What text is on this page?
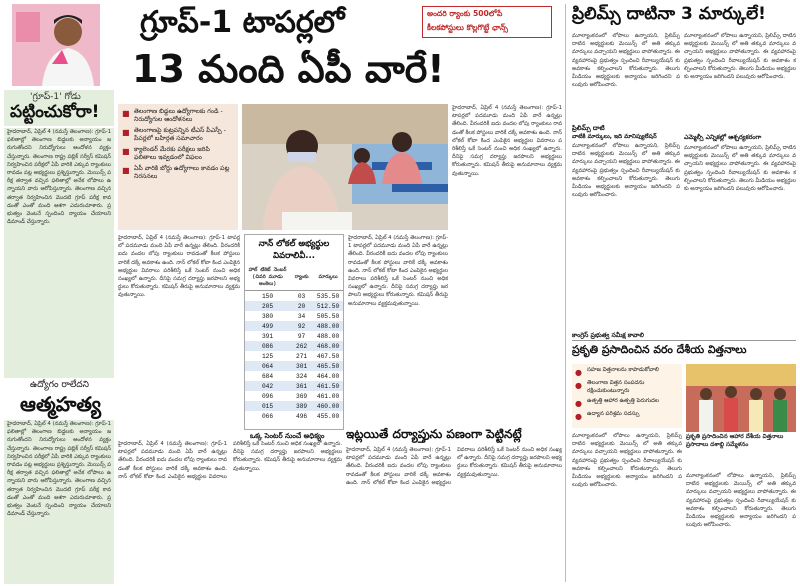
'గ్రూప్-1' గోడు
పట్టించుకోరా!
హైదరాబాద్, ఏప్రిల్ 4 (నమస్తే తెలంగాణ): గ్రూప్-1 ఫలితాల్లో తెలంగాణ బిడ్డలకు అన్యాయం జరుగుతోందని నిరుద్యోగులు ఆందోళన వ్యక్తం చేస్తున్నారు. తెలంగాణ రాష్ట్ర పబ్లిక్ సర్వీస్ కమిషన్ నిర్వహించిన పరీక్షలో ఏపీ వారికి ఎక్కువ ర్యాంకులు రావడం పట్ల అభ్యర్థులు ప్రశ్నిస్తున్నారు. మెయిన్స్ పరీక్ష తర్వాత వచ్చిన ఫలితాల్లో అనేక లోపాలు ఉన్నాయని వారు ఆరోపిస్తున్నారు. తెలంగాణ వచ్చిన తర్వాత నిర్వహించిన మొదటి గ్రూప్ పరీక్ష కావడంతో ఎంతో మంది ఆశగా ఎదురుచూశారు. ప్రభుత్వం వెంటనే స్పందించి న్యాయం చేయాలని డిమాండ్ చేస్తున్నారు.
ఉద్యోగం రాలేదని
ఆత్మహత్య
హైదరాబాద్, ఏప్రిల్ 4 (నమస్తే తెలంగాణ): గ్రూప్-1 ఫలితాల్లో తెలంగాణ బిడ్డలకు అన్యాయం జరుగుతోందని నిరుద్యోగులు ఆందోళన వ్యక్తం చేస్తున్నారు. తెలంగాణ రాష్ట్ర పబ్లిక్ సర్వీస్ కమిషన్ నిర్వహించిన పరీక్షలో ఏపీ వారికి ఎక్కువ ర్యాంకులు రావడం పట్ల అభ్యర్థులు ప్రశ్నిస్తున్నారు. మెయిన్స్ పరీక్ష తర్వాత వచ్చిన ఫలితాల్లో అనేక లోపాలు ఉన్నాయని వారు ఆరోపిస్తున్నారు. తెలంగాణ వచ్చిన తర్వాత నిర్వహించిన మొదటి గ్రూప్ పరీక్ష కావడంతో ఎంతో మంది ఆశగా ఎదురుచూశారు. ప్రభుత్వం వెంటనే స్పందించి న్యాయం చేయాలని డిమాండ్ చేస్తున్నారు.
గ్రూప్-1 టాపర్లలో
13 మంది ఏపీ వారే!
అందరి ర్యాంకు 500లోపే
కీలకపోస్టులు కొల్లగొట్టే ఛాన్స్
■ తెలంగాణ బిడ్డలు ఉద్యోగాలకు గండి - నిరుద్యోగుల ఆందోళనలు
■ తెలంగాణపై కుట్రపన్నిన టీఎస్ పీఎస్సీ - పేపర్లలో బహిర్గత సమాచారం
■ క్యాలెండర్ మేరకు పరీక్షలు జరిపి ఫలితాలు ఇవ్వడంలో విఫలం
■ ఏపీ వారికి బోర్డు ఉద్యోగాలు కావడం పట్ల నిరసనలు
హైదరాబాద్, ఏప్రిల్ 4 (నమస్తే తెలంగాణ): గ్రూప్-1 టాపర్లలో పదమూడు మంది ఏపీ వారే ఉన్నట్లు తేలింది. వీరందరికీ ఐదు వందల లోపు ర్యాంకులు రావడంతో కీలక పోస్టులు వారికే దక్కే అవకాశం ఉంది. నాన్ లోకల్ కోటా కింద ఎంపికైన అభ్యర్థుల వివరాలు పరిశీలిస్తే ఒకే సెంటర్ నుంచి అధిక సంఖ్యలో ఉన్నారు. దీనిపై సమగ్ర దర్యాప్తు జరపాలని అభ్యర్థులు కోరుతున్నారు. కమిషన్ తీరుపై అనుమానాలు వ్యక్తమవుతున్నాయి.
నాన్ లోకల్ అభ్యర్థుల
వివరాలివీ...
హాల్ టికెట్ నెంబర్ (చివరి మూడు అంకెలు)	ర్యాంకు	మార్కులు
150	03	535.50
205	20	512.50
380	34	505.50
499	92	488.00
391	97	488.00
086	262	468.00
125	271	467.50
064	301	465.50
684	324	464.00
042	361	461.50
096	369	461.00
015	389	460.00
066	496	455.00
హైదరాబాద్, ఏప్రిల్ 4 (నమస్తే తెలంగాణ): గ్రూప్-1 టాపర్లలో పదమూడు మంది ఏపీ వారే ఉన్నట్లు తేలింది. వీరందరికీ ఐదు వందల లోపు ర్యాంకులు రావడంతో కీలక పోస్టులు వారికే దక్కే అవకాశం ఉంది. నాన్ లోకల్ కోటా కింద ఎంపికైన అభ్యర్థుల వివరాలు పరిశీలిస్తే ఒకే సెంటర్ నుంచి అధిక సంఖ్యలో ఉన్నారు. దీనిపై సమగ్ర దర్యాప్తు జరపాలని అభ్యర్థులు కోరుతున్నారు. కమిషన్ తీరుపై అనుమానాలు వ్యక్తమవుతున్నాయి.
హైదరాబాద్, ఏప్రిల్ 4 (నమస్తే తెలంగాణ): గ్రూప్-1 టాపర్లలో పదమూడు మంది ఏపీ వారే ఉన్నట్లు తేలింది. వీరందరికీ ఐదు వందల లోపు ర్యాంకులు రావడంతో కీలక పోస్టులు వారికే దక్కే అవకాశం ఉంది. నాన్ లోకల్ కోటా కింద ఎంపికైన అభ్యర్థుల వివరాలు పరిశీలిస్తే ఒకే సెంటర్ నుంచి అధిక సంఖ్యలో ఉన్నారు. దీనిపై సమగ్ర దర్యాప్తు జరపాలని అభ్యర్థులు కోరుతున్నారు. కమిషన్ తీరుపై అనుమానాలు వ్యక్తమవుతున్నాయి.
ఒక్క సెంటర్ నుంచే అధిక్యం ఇట్లయితే దర్యాప్తును పణంగా పెట్టినట్లే
హైదరాబాద్, ఏప్రిల్ 4 (నమస్తే తెలంగాణ): గ్రూప్-1 టాపర్లలో పదమూడు మంది ఏపీ వారే ఉన్నట్లు తేలింది. వీరందరికీ ఐదు వందల లోపు ర్యాంకులు రావడంతో కీలక పోస్టులు వారికే దక్కే అవకాశం ఉంది. నాన్ లోకల్ కోటా కింద ఎంపికైన అభ్యర్థుల వివరాలు పరిశీలిస్తే ఒకే సెంటర్ నుంచి అధిక సంఖ్యలో ఉన్నారు. దీనిపై సమగ్ర దర్యాప్తు జరపాలని అభ్యర్థులు కోరుతున్నారు. కమిషన్ తీరుపై అనుమానాలు వ్యక్తమవుతున్నాయి.
హైదరాబాద్, ఏప్రిల్ 4 (నమస్తే తెలంగాణ): గ్రూప్-1 టాపర్లలో పదమూడు మంది ఏపీ వారే ఉన్నట్లు తేలింది. వీరందరికీ ఐదు వందల లోపు ర్యాంకులు రావడంతో కీలక పోస్టులు వారికే దక్కే అవకాశం ఉంది. నాన్ లోకల్ కోటా కింద ఎంపికైన అభ్యర్థుల వివరాలు పరిశీలిస్తే ఒకే సెంటర్ నుంచి అధిక సంఖ్యలో ఉన్నారు. దీనిపై సమగ్ర దర్యాప్తు జరపాలని అభ్యర్థులు కోరుతున్నారు. కమిషన్ తీరుపై అనుమానాలు వ్యక్తమవుతున్నాయి.
ప్రిలిమ్స్ దాటినా 3 మార్కులే!
మూల్యాంకనంలో లోపాలు ఉన్నాయని, ప్రిలిమ్స్ దాటిన అభ్యర్థులకు మెయిన్స్ లో అతి తక్కువ మార్కులు వచ్చాయని అభ్యర్థులు వాపోతున్నారు. ఈ వ్యవహారంపై ప్రభుత్వం స్పందించి రీవాల్యుయేషన్ కు అవకాశం కల్పించాలని కోరుతున్నారు. తెలుగు మీడియం అభ్యర్థులకు అన్యాయం జరిగిందని పలువురు ఆరోపించారు.
ప్రిలిమ్స్ దాటి
వాటికి మార్కులు, ఇది మానిప్యులేషన్
మూల్యాంకనంలో లోపాలు ఉన్నాయని, ప్రిలిమ్స్ దాటిన అభ్యర్థులకు మెయిన్స్ లో అతి తక్కువ మార్కులు వచ్చాయని అభ్యర్థులు వాపోతున్నారు. ఈ వ్యవహారంపై ప్రభుత్వం స్పందించి రీవాల్యుయేషన్ కు అవకాశం కల్పించాలని కోరుతున్నారు. తెలుగు మీడియం అభ్యర్థులకు అన్యాయం జరిగిందని పలువురు ఆరోపించారు.
మూల్యాంకనంలో లోపాలు ఉన్నాయని, ప్రిలిమ్స్ దాటిన అభ్యర్థులకు మెయిన్స్ లో అతి తక్కువ మార్కులు వచ్చాయని అభ్యర్థులు వాపోతున్నారు. ఈ వ్యవహారంపై ప్రభుత్వం స్పందించి రీవాల్యుయేషన్ కు అవకాశం కల్పించాలని కోరుతున్నారు. తెలుగు మీడియం అభ్యర్థులకు అన్యాయం జరిగిందని పలువురు ఆరోపించారు.
ఎమ్మెల్సీ ఎన్నికల్లో ఆశ్చర్యకరంగా
మూల్యాంకనంలో లోపాలు ఉన్నాయని, ప్రిలిమ్స్ దాటిన అభ్యర్థులకు మెయిన్స్ లో అతి తక్కువ మార్కులు వచ్చాయని అభ్యర్థులు వాపోతున్నారు. ఈ వ్యవహారంపై ప్రభుత్వం స్పందించి రీవాల్యుయేషన్ కు అవకాశం కల్పించాలని కోరుతున్నారు. తెలుగు మీడియం అభ్యర్థులకు అన్యాయం జరిగిందని పలువురు ఆరోపించారు.
కాంగ్రెస్ ప్రభుత్వ సమీక్ష కావాలి
ప్రకృతి ప్రసాదించిన వరం దేశీయ విత్తనాలు
● సహజ విత్తనాలను కాపాడుకోవాలి
● తెలంగాణ విత్తన సంపదను రక్షించుకుంటున్నారు
● ఉత్పత్తి ఆహార ఉత్పత్తి పెరుగుదల
● ఉద్యాన పరిశ్రమ సదస్సు
ప్రకృతి ప్రసాదించిన ఆహార దేశీయ విత్తనాలు ప్రసాదాలు దశాబ్ది సమ్మేళనం
మూల్యాంకనంలో లోపాలు ఉన్నాయని, ప్రిలిమ్స్ దాటిన అభ్యర్థులకు మెయిన్స్ లో అతి తక్కువ మార్కులు వచ్చాయని అభ్యర్థులు వాపోతున్నారు. ఈ వ్యవహారంపై ప్రభుత్వం స్పందించి రీవాల్యుయేషన్ కు అవకాశం కల్పించాలని కోరుతున్నారు. తెలుగు మీడియం అభ్యర్థులకు అన్యాయం జరిగిందని పలువురు ఆరోపించారు.
మూల్యాంకనంలో లోపాలు ఉన్నాయని, ప్రిలిమ్స్ దాటిన అభ్యర్థులకు మెయిన్స్ లో అతి తక్కువ మార్కులు వచ్చాయని అభ్యర్థులు వాపోతున్నారు. ఈ వ్యవహారంపై ప్రభుత్వం స్పందించి రీవాల్యుయేషన్ కు అవకాశం కల్పించాలని కోరుతున్నారు. తెలుగు మీడియం అభ్యర్థులకు అన్యాయం జరిగిందని పలువురు ఆరోపించారు.
